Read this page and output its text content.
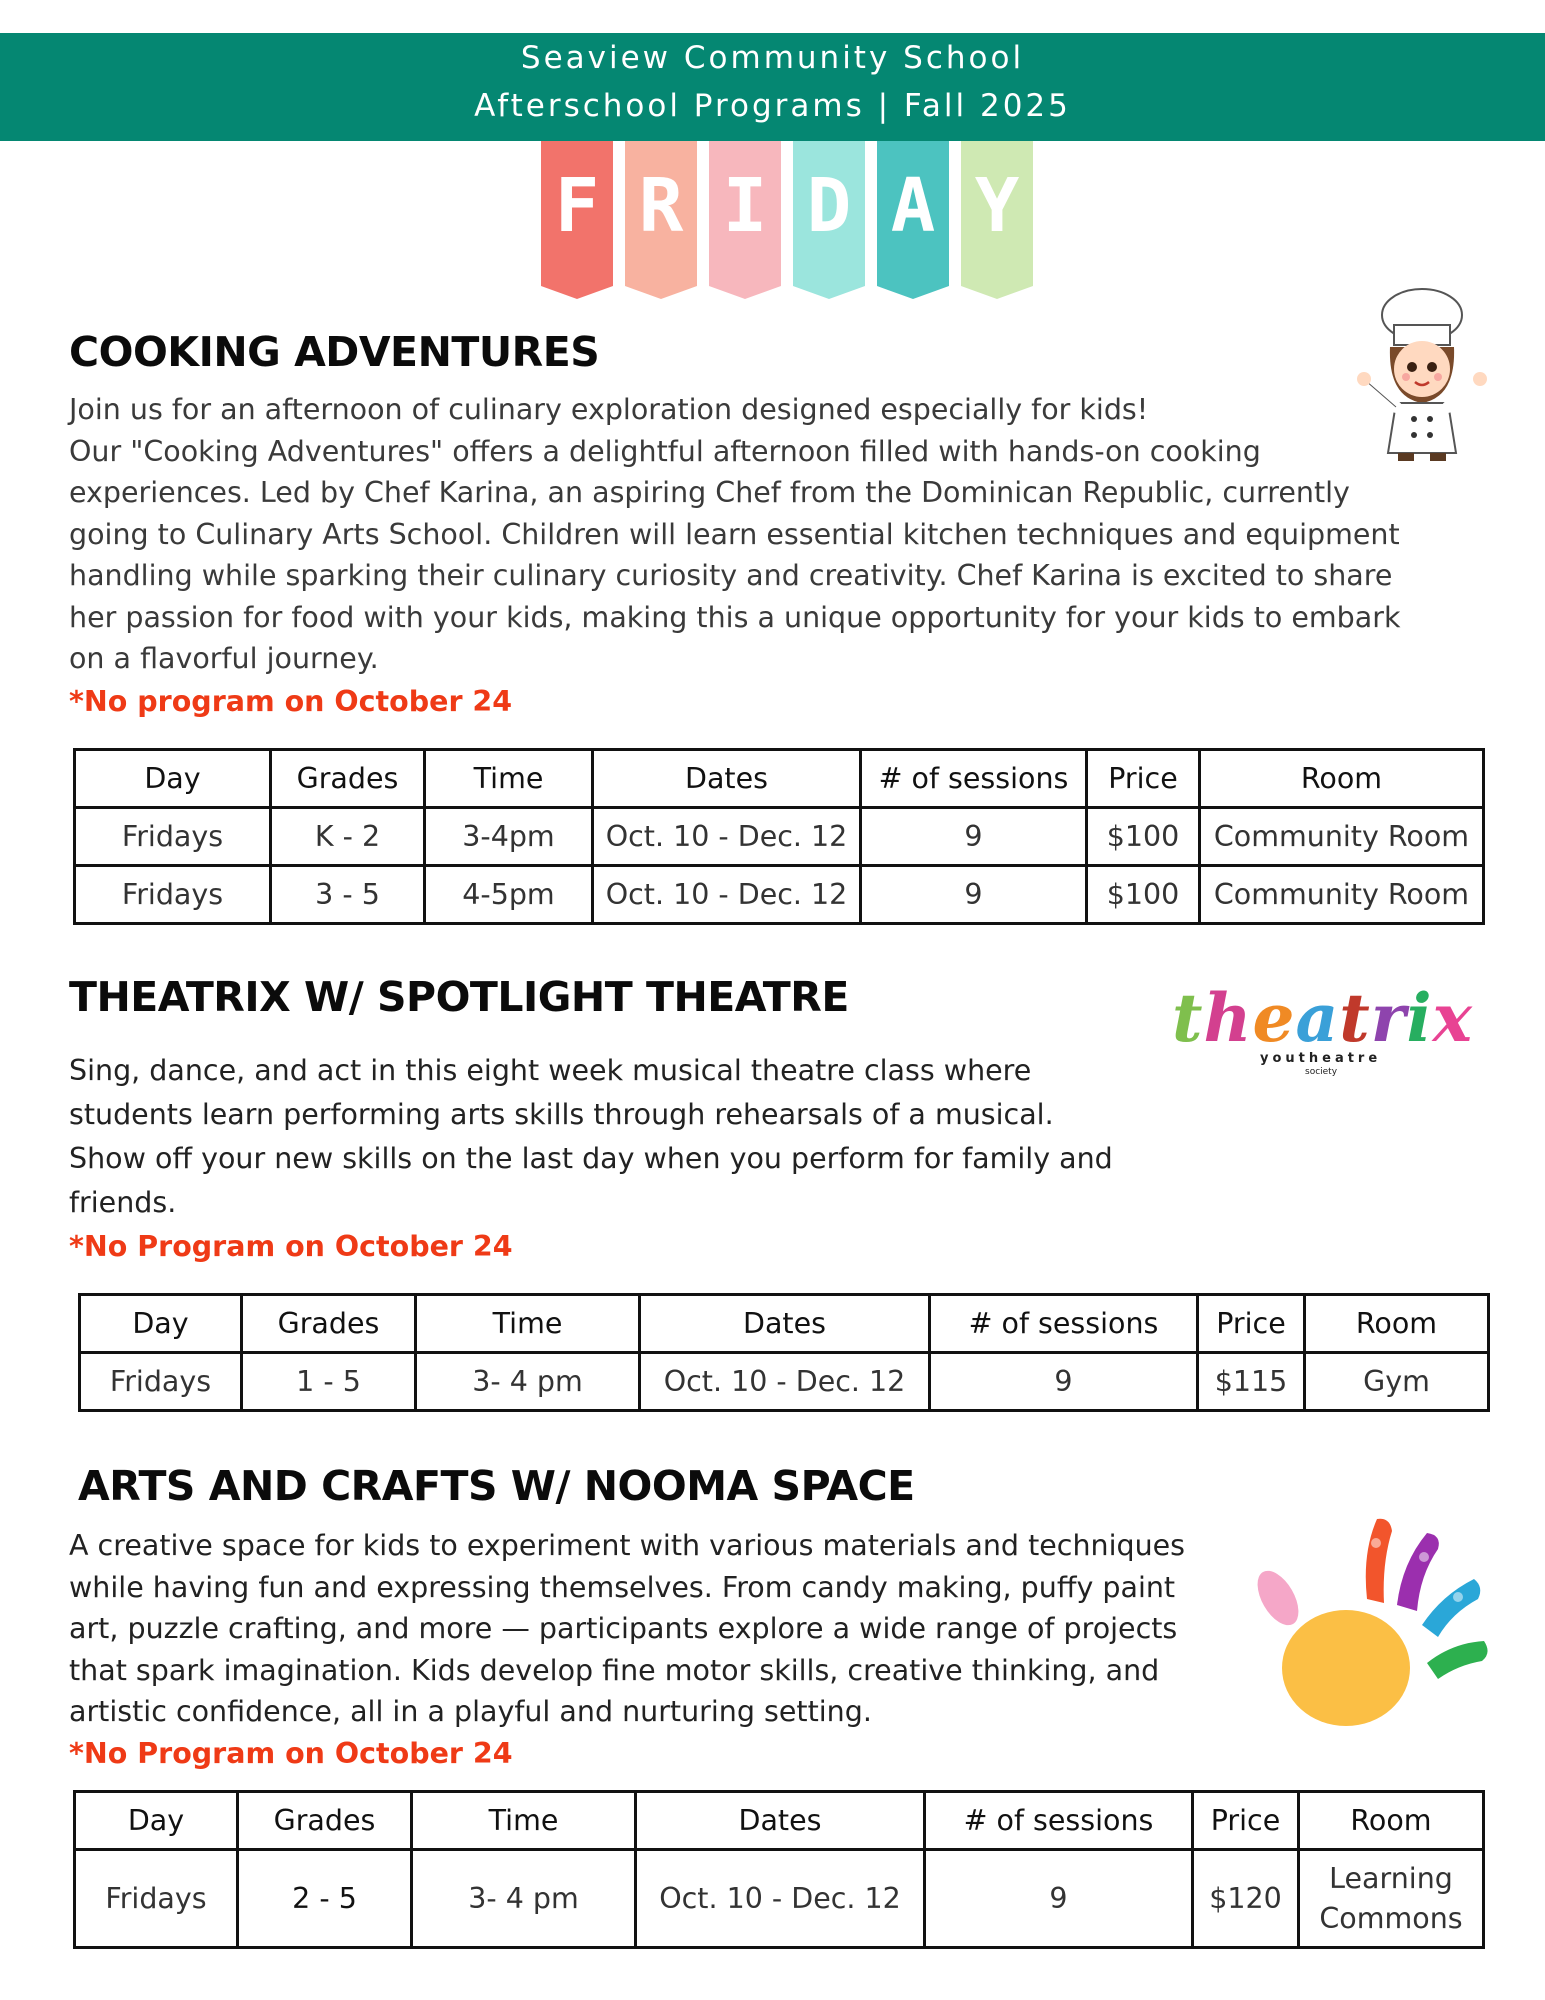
Seaview Community School
Afterschool Programs | Fall 2025
F R I D A Y
COOKING ADVENTURES
Join us for an afternoon of culinary exploration designed especially for kids!
Our "Cooking Adventures" offers a delightful afternoon filled with hands-on cooking
experiences. Led by Chef Karina, an aspiring Chef from the Dominican Republic, currently
going to Culinary Arts School. Children will learn essential kitchen techniques and equipment
handling while sparking their culinary curiosity and creativity. Chef Karina is excited to share
her passion for food with your kids, making this a unique opportunity for your kids to embark
on a flavorful journey.
*No program on October 24
Day	Grades	Time	Dates	# of sessions	Price	Room
Fridays	K - 2	3-4pm	Oct. 10 - Dec. 12	9	$100	Community Room
Fridays	3 - 5	4-5pm	Oct. 10 - Dec. 12	9	$100	Community Room
THEATRIX W/ SPOTLIGHT THEATRE	theatrix
youtheatre
society
Sing, dance, and act in this eight week musical theatre class where
students learn performing arts skills through rehearsals of a musical.
Show off your new skills on the last day when you perform for family and
friends.
*No Program on October 24
Day	Grades	Time	Dates	# of sessions	Price	Room
Fridays	1 - 5	3- 4 pm	Oct. 10 - Dec. 12	9	$115	Gym
ARTS AND CRAFTS W/ NOOMA SPACE
A creative space for kids to experiment with various materials and techniques
while having fun and expressing themselves. From candy making, puffy paint
art, puzzle crafting, and more — participants explore a wide range of projects
that spark imagination. Kids develop fine motor skills, creative thinking, and
artistic confidence, all in a playful and nurturing setting.
*No Program on October 24
Day	Grades	Time	Dates	# of sessions	Price	Room
Fridays	2 - 5	3- 4 pm	Oct. 10 - Dec. 12	9	$120	Learning Commons
